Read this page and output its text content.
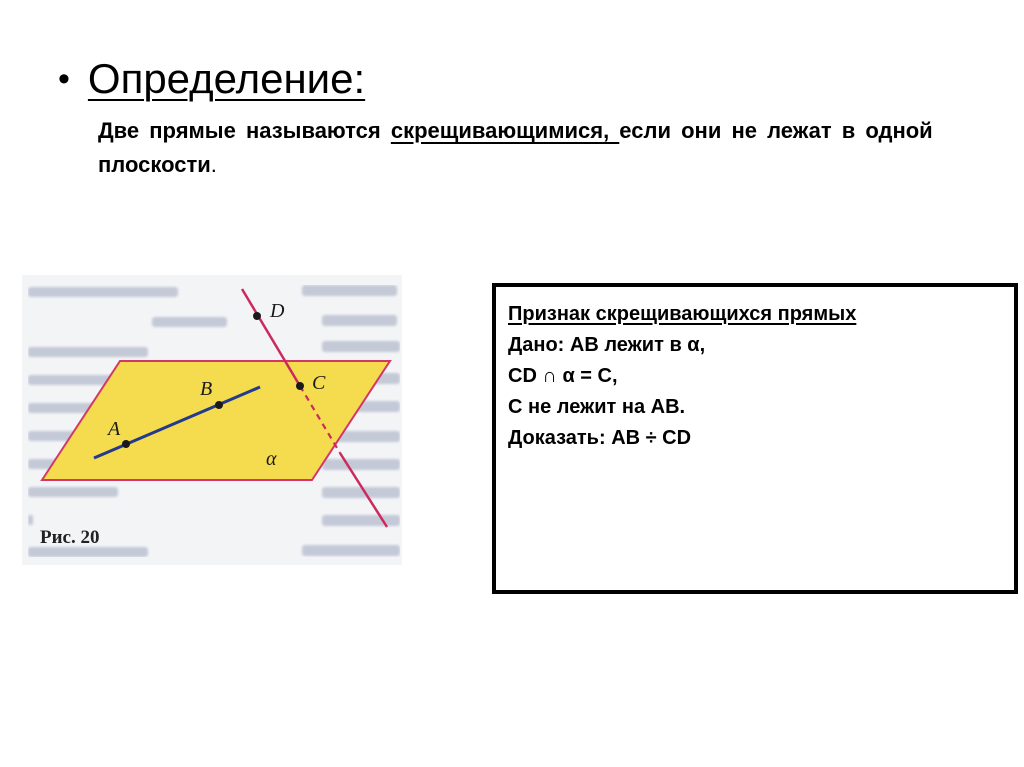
• Определение:
Две прямые называются скрещивающимися, если они не лежат в одной плоскости.
A
B	C
D
α
Рис. 20
Признак скрещивающихся прямых
Дано: АВ лежит в α,
CD ∩ α = С,
С не лежит на АВ.
Доказать: АВ ÷ CD
